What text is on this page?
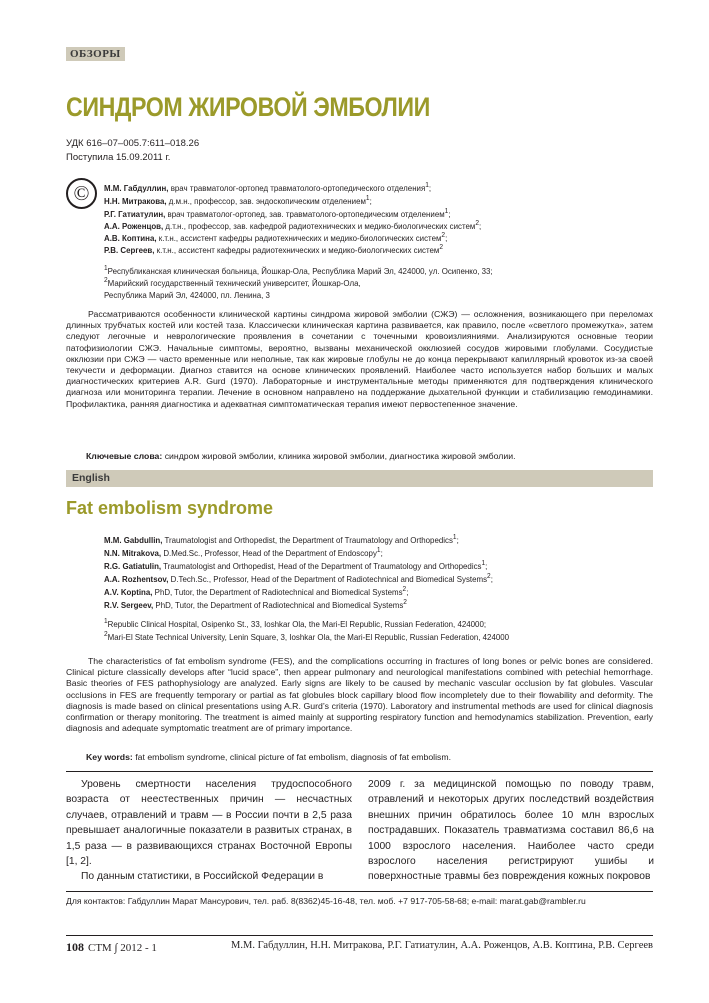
ОБЗОРЫ
СИНДРОМ ЖИРОВОЙ ЭМБОЛИИ
УДК 616–07–005.7:611–018.26
Поступила 15.09.2011 г.
©	М.М. Габдуллин, врач травматолог-ортопед травматолого-ортопедического отделения$^1$;
Н.Н. Митракова, д.м.н., профессор, зав. эндоскопическим отделением$^1$;
Р.Г. Гатиатулин, врач травматолог-ортопед, зав. травматолого-ортопедическим отделением$^1$;
А.А. Роженцов, д.т.н., профессор, зав. кафедрой радиотехнических и медико-биологических систем$^2$;
А.В. Коптина, к.т.н., ассистент кафедры радиотехнических и медико-биологических систем$^2$;
Р.В. Сергеев, к.т.н., ассистент кафедры радиотехнических и медико-биологических систем$^2$
$^1$Республиканская клиническая больница, Йошкар-Ола, Республика Марий Эл, 424000, ул. Осипенко, 33;
$^2$Марийский государственный технический университет, Йошкар-Ола,
Республика Марий Эл, 424000, пл. Ленина, 3
Рассматриваются особенности клинической картины синдрома жировой эмболии (СЖЭ) — осложнения, возникающего при переломах длинных трубчатых костей или костей таза. Классически клиническая картина развивается, как правило, после «светлого промежутка», затем следуют легочные и неврологические проявления в сочетании с точечными кровоизлияниями. Анализируются основные теории патофизиологии СЖЭ. Начальные симптомы, вероятно, вызваны механической окклюзией сосудов жировыми глобулами. Сосудистые окклюзии при СЖЭ — часто временные или неполные, так как жировые глобулы не до конца перекрывают капиллярный кровоток из-за своей текучести и деформации. Диагноз ставится на основе клинических проявлений. Наиболее часто используется набор больших и малых диагностических критериев A.R. Gurd (1970). Лабораторные и инструментальные методы применяются для подтверждения клинического диагноза или мониторинга терапии. Лечение в основном направлено на поддержание дыхательной функции и стабилизацию гемодинамики. Профилактика, ранняя диагностика и адекватная симптоматическая терапия имеют первостепенное значение.
Ключевые слова: синдром жировой эмболии, клиника жировой эмболии, диагностика жировой эмболии.
English
Fat embolism syndrome
M.M. Gabdullin, Traumatologist and Orthopedist, the Department of Traumatology and Orthopedics$^1$;
N.N. Mitrakova, D.Med.Sc., Professor, Head of the Department of Endoscopy$^1$;
R.G. Gatiatulin, Traumatologist and Orthopedist, Head of the Department of Traumatology and Orthopedics$^1$;
A.A. Rozhentsov, D.Tech.Sc., Professor, Head of the Department of Radiotechnical and Biomedical Systems$^2$;
A.V. Koptina, PhD, Tutor, the Department of Radiotechnical and Biomedical Systems$^2$;
R.V. Sergeev, PhD, Tutor, the Department of Radiotechnical and Biomedical Systems$^2$
$^1$Republic Clinical Hospital, Osipenko St., 33, Ioshkar Ola, the Mari-El Republic, Russian Federation, 424000;
$^2$Mari-El State Technical University, Lenin Square, 3, Ioshkar Ola, the Mari-El Republic, Russian Federation, 424000
The characteristics of fat embolism syndrome (FES), and the complications occurring in fractures of long bones or pelvic bones are considered. Clinical picture classically develops after “lucid space”, then appear pulmonary and neurological manifestations combined with petechial hemorrhage. Basic theories of FES pathophysiology are analyzed. Early signs are likely to be caused by mechanic vascular occlusion by fat globules. Vascular occlusions in FES are frequently temporary or partial as fat globules block capillary blood flow incompletely due to their flowability and deformity. The diagnosis is made based on clinical presentations using A.R. Gurd’s criteria (1970). Laboratory and instrumental methods are used for clinical diagnosis confirmation or therapy monitoring. The treatment is aimed mainly at supporting respiratory function and hemodynamics stabilization. Prevention, early diagnosis and adequate symptomatic treatment are of primary importance.
Key words: fat embolism syndrome, clinical picture of fat embolism, diagnosis of fat embolism.

Уровень смертности населения трудоспособного возраста от неестественных причин — несчастных случаев, отравлений и травм — в России почти в 2,5 раза превышает аналогичные показатели в развитых странах, в 1,5 раза — в развивающихся странах Восточной Европы [1, 2].

По данным статистики, в Российской Федерации в

2009 г. за медицинской помощью по поводу травм, отравлений и некоторых других последствий воздействия внешних причин обратилось более 10 млн взрослых пострадавших. Показатель травматизма составил 86,6 на 1000 взрослого населения. Наиболее часто среди взрослого населения регистрируют ушибы и поверхностные травмы без повреждения кожных покровов

Для контактов: Габдуллин Марат Мансурович, тел. раб. 8(8362)45-16-48, тел. моб. +7 917-705-58-68; e-mail: marat.gab@rambler.ru
108 СТМ ∫ 2012 - 1	М.М. Габдуллин, Н.Н. Митракова, Р.Г. Гатиатулин, А.А. Роженцов, А.В. Коптина, Р.В. Сергеев
